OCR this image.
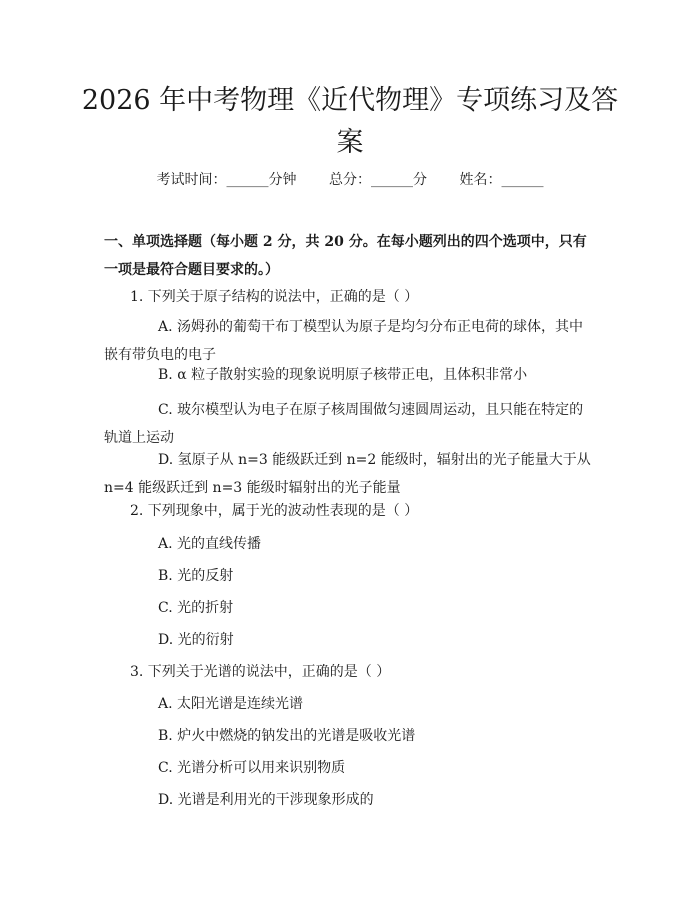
2026 年中考物理《近代物理》专项练习及答案
考试时间：______分钟 总分：______分 姓名：______
一、单项选择题（每小题 2 分，共 20 分。在每小题列出的四个选项中，只有一项是最符合题目要求的。）
1. 下列关于原子结构的说法中，正确的是（ ）
A. 汤姆孙的葡萄干布丁模型认为原子是均匀分布正电荷的球体，其中嵌有带负电的电子
B. α 粒子散射实验的现象说明原子核带正电，且体积非常小
C. 玻尔模型认为电子在原子核周围做匀速圆周运动，且只能在特定的轨道上运动
D. 氢原子从 n=3 能级跃迁到 n=2 能级时，辐射出的光子能量大于从 n=4 能级跃迁到 n=3 能级时辐射出的光子能量
2. 下列现象中，属于光的波动性表现的是（ ）
A. 光的直线传播
B. 光的反射
C. 光的折射
D. 光的衍射
3. 下列关于光谱的说法中，正确的是（ ）
A. 太阳光谱是连续光谱
B. 炉火中燃烧的钠发出的光谱是吸收光谱
C. 光谱分析可以用来识别物质
D. 光谱是利用光的干涉现象形成的
